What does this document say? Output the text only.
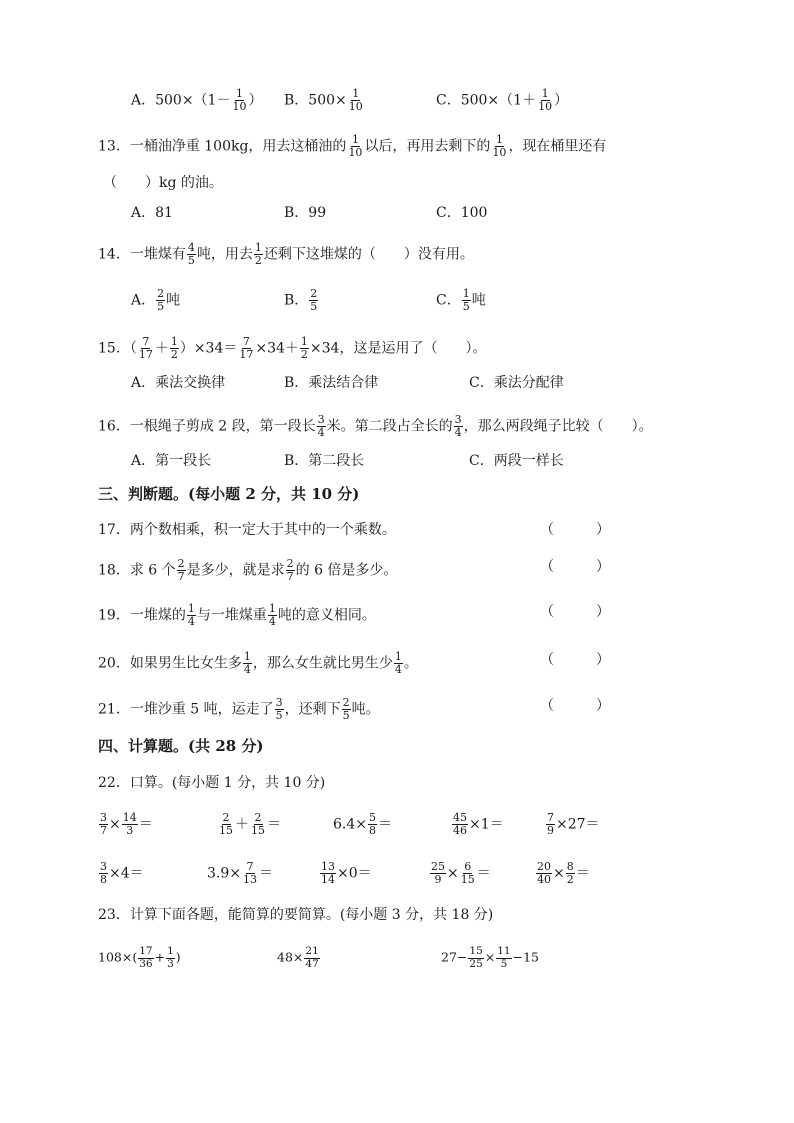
A．$500\times(1- \frac{1}{10}$ ） B．$500\times \frac{1}{10}$	C．$500\times(1+ \frac{1}{10}$ ）
13．一桶油净重 100kg，用去这桶油的 $\frac{1}{10}$ 以后，再用去剩下的 $\frac{1}{10}$ ，现在桶里还有
（　　）kg 的油。
A．81	B．99	C．100
14．一堆煤有 $\frac{4}{5}$ 吨，用去 $\frac{1}{2}$ 还剩下这堆煤的（　　）没有用。
A． $\frac{2}{5}$ 吨	B． $\frac{2}{5}$	C． $\frac{1}{5}$ 吨
15．（ $\frac{7}{17} + \frac{1}{2} )\times 34= \frac{7}{17} \times 34+ \frac{1}{2} \times 34$，这是运用了（　　）。
A．乘法交换律	B．乘法结合律	C．乘法分配律
16．一根绳子剪成 2 段，第一段长 $\frac{3}{4}$ 米。第二段占全长的 $\frac{3}{4}$ ，那么两段绳子比较（　　）。
A．第一段长	B．第二段长	C．两段一样长
三、判断题。(每小题 2 分，共 10 分)
17．两个数相乘，积一定大于其中的一个乘数。	（　　　）
18．求 6 个 $\frac{2}{7}$ 是多少，就是求 $\frac{2}{7}$ 的 6 倍是多少。	（　　　）
19．一堆煤的 $\frac{1}{4}$ 与一堆煤重 $\frac{1}{4}$ 吨的意义相同。	（　　　）
20．如果男生比女生多 $\frac{1}{4}$ ，那么女生就比男生少 $\frac{1}{4}$ 。	（　　　）
21．一堆沙重 5 吨，运走了 $\frac{3}{5}$ ，还剩下 $\frac{2}{5}$ 吨。	（　　　）
四、计算题。(共 28 分)
22．口算。(每小题 1 分，共 10 分)
$\frac{3}{7} \times \frac{14}{3}$ ＝	$\frac{2}{15} + \frac{2}{15}$ ＝	$6.4\times \frac{5}{8}$ ＝	$\frac{45}{46} \times 1=$	$\frac{7}{9} \times 27=$
$\frac{3}{8} \times 4=$	$3.9\times \frac{7}{13}$ ＝	$\frac{13}{14} \times 0=$	$\frac{25}{9} \times \frac{6}{15}$ ＝	$\frac{20}{40} \times \frac{8}{2}$ ＝
23．计算下面各题，能简算的要简算。(每小题 3 分，共 18 分)
$108\times( \frac{17}{36} + \frac{1}{3}$ )	$48\times \frac{21}{47}$	$27- \frac{15}{25} \times \frac{11}{5} -15$
